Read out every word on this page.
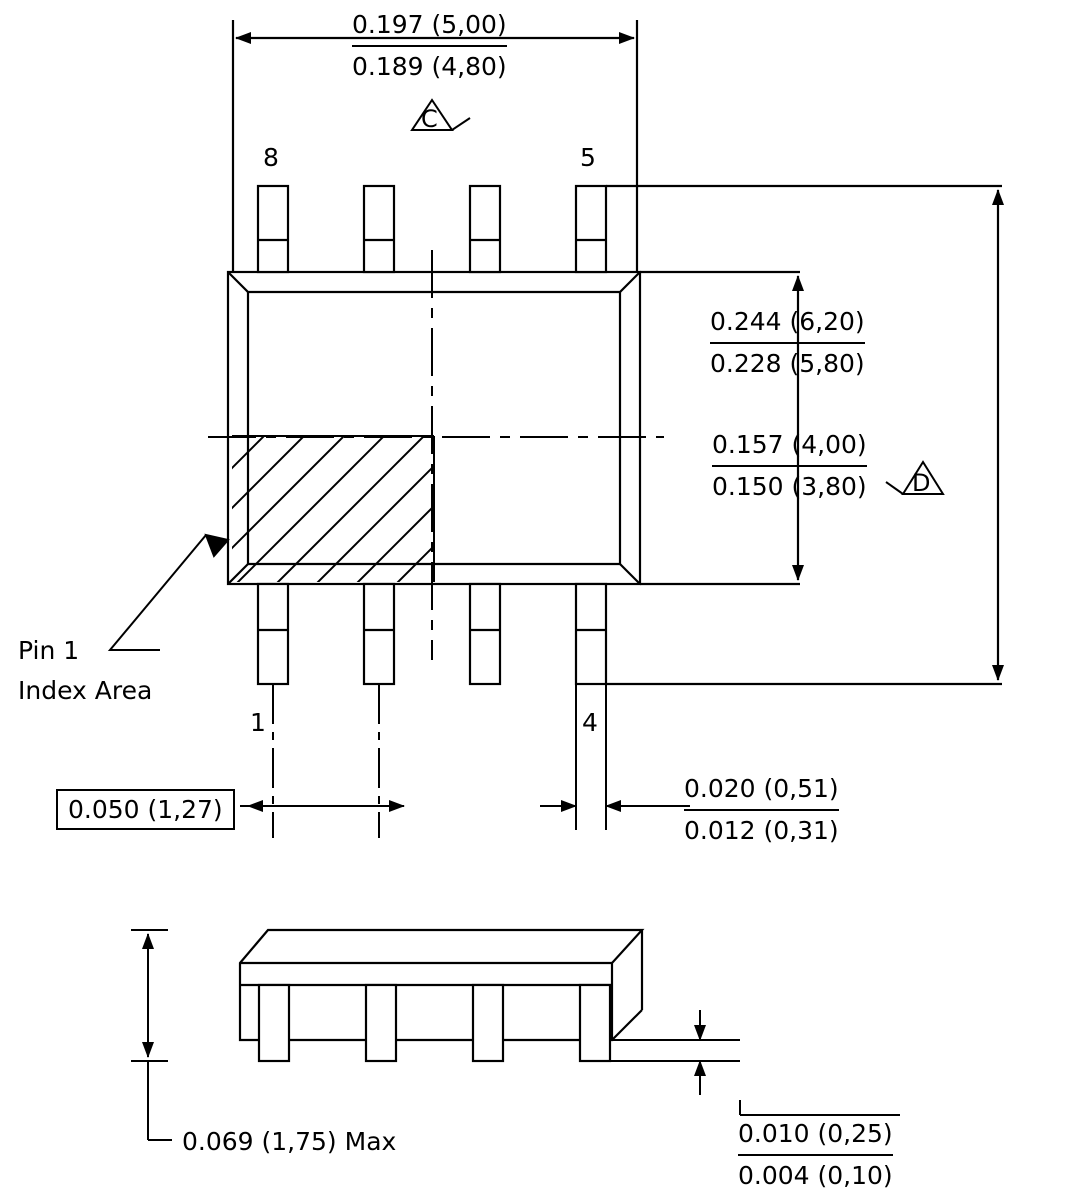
8	5
1	4
C
D
0.197 (5,00)
0.189 (4,80)
0.244 (6,20)
0.228 (5,80)
0.157 (4,00)
0.150 (3,80)
0.020 (0,51)
0.012 (0,31)
0.010 (0,25)
0.004 (0,10)
0.050 (1,27)
0.069 (1,75) Max
Pin 1
Index Area
